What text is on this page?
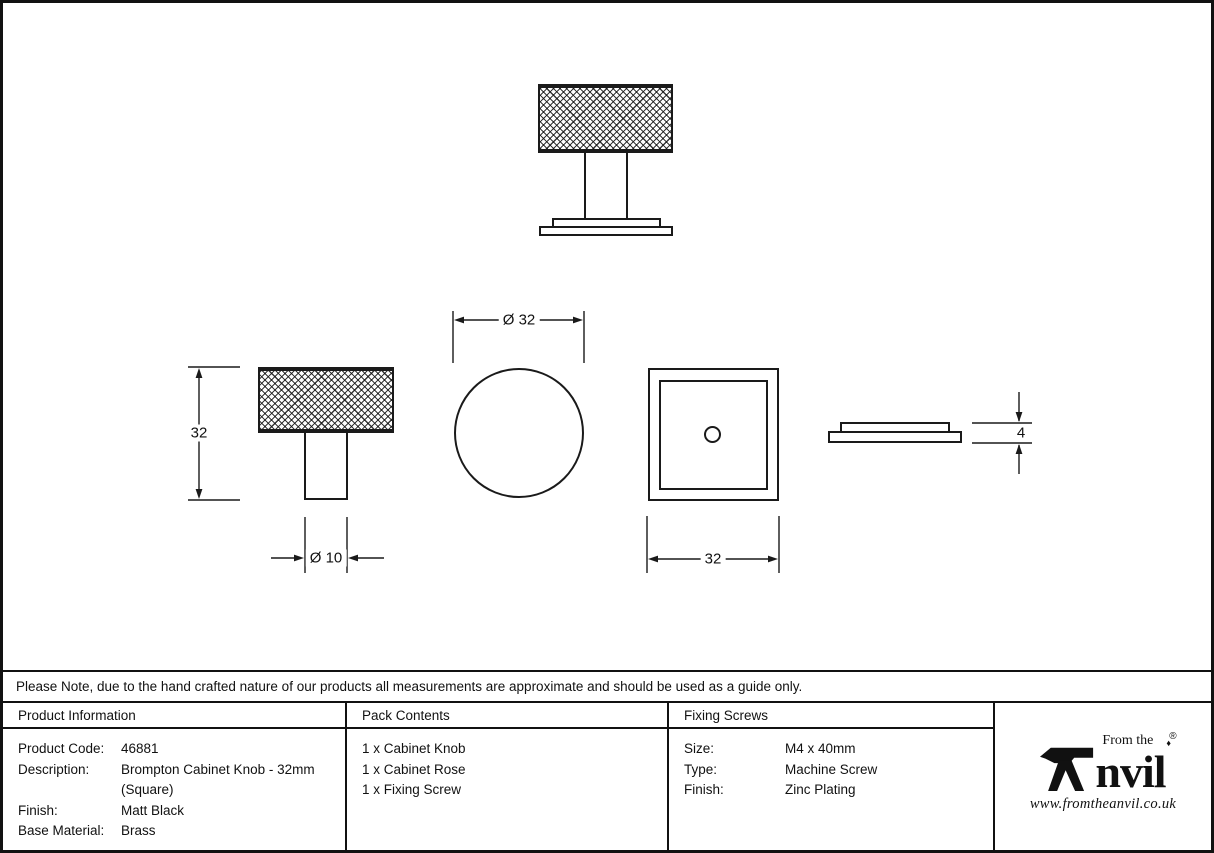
32
Ø 10
Ø 32
32
4
Please Note, due to the hand crafted nature of our products all measurements are approximate and should be used as a guide only.
Product Information
Product Code:	46881
Description:	Brompton Cabinet Knob - 32mm (Square)
Finish:	Matt Black
Base Material:	Brass
Pack Contents
1 x Cabinet Knob
1 x Cabinet Rose
1 x Fixing Screw
Fixing Screws
Size:	M4 x 40mm
Type:	Machine Screw
Finish:	Zinc Plating	nvil
From the ♦
®
www.fromtheanvil.co.uk
